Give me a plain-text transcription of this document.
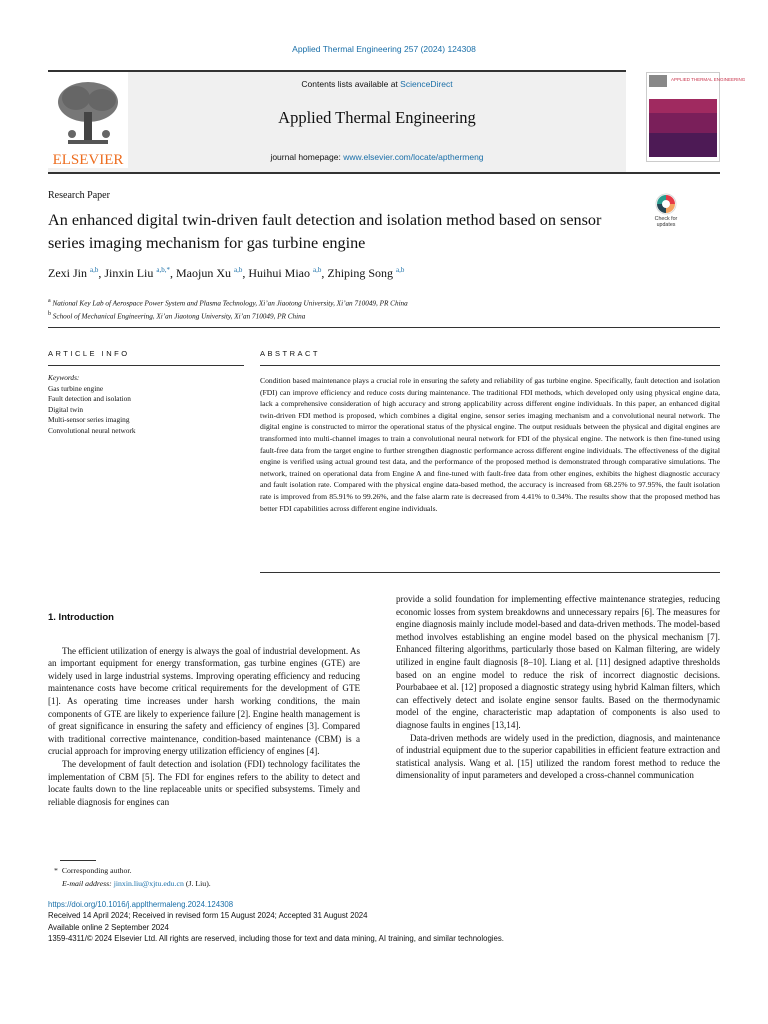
Applied Thermal Engineering 257 (2024) 124308
ELSEVIER
Contents lists available at ScienceDirect
Applied Thermal Engineering
journal homepage: www.elsevier.com/locate/apthermeng
APPLIED THERMAL ENGINEERING
Research Paper
An enhanced digital twin-driven fault detection and isolation method based on sensor series imaging mechanism for gas turbine engine
Check for updates
Zexi Jin $^{a,b}$, Jinxin Liu $^{a,b,*}$, Maojun Xu $^{a,b}$, Huihui Miao $^{a,b}$, Zhiping Song $^{a,b}$
$^a$ National Key Lab of Aerospace Power System and Plasma Technology, Xi’an Jiaotong University, Xi’an 710049, PR China
$^b$ School of Mechanical Engineering, Xi’an Jiaotong University, Xi’an 710049, PR China
ARTICLE INFO	ABSTRACT
Keywords:
Gas turbine engine
Fault detection and isolation
Digital twin
Multi-sensor series imaging
Convolutional neural network
Condition based maintenance plays a crucial role in ensuring the safety and reliability of gas turbine engine. Specifically, fault detection and isolation (FDI) can improve efficiency and reduce costs during maintenance. The traditional FDI methods, which developed only using physical engine data, lack a comprehensive consideration of high accuracy and strong applicability across different engine individuals. In this paper, an enhanced digital twin-driven FDI method is proposed, which combines a digital engine, sensor series imaging mechanism and a convolutional neural network. The digital engine is constructed to mirror the operational status of the physical engine. The output residuals between the physical and digital engines are transformed into multi-channel images to train a convolutional neural network for FDI of the physical engine. The network is then fine-tuned using fault-free data from the target engine to further strengthen diagnostic performance across different engine individuals. The effectiveness of the digital engine is verified using actual ground test data, and the performance of the proposed method is demonstrated through comparative simulations. The network, trained on operational data from Engine A and fine-tuned with fault-free data from other engines, exhibits the highest diagnostic accuracy and fault isolation rate. Compared with the physical engine data-based method, the accuracy is increased from 68.25% to 97.95%, the fault isolation rate is improved from 85.91% to 99.26%, and the false alarm rate is decreased from 4.41% to 0.34%. The results show that the proposed method has better FDI capabilities across different engine individuals.
1. Introduction

The efficient utilization of energy is always the goal of industrial development. As an important equipment for energy transformation, gas turbine engines (GTE) are widely used in large industrial systems. Improving operating efficiency and reducing maintenance costs have become critical requirements for the development of GTE [1]. As operating time increases under harsh working conditions, the main components of GTE are likely to experience failure [2]. Engine health management is of great significance in ensuring the safety and efficiency of engines [3]. Compared with traditional corrective maintenance, condition-based maintenance (CBM) is a crucial approach for improving energy utilization efficiency of engines [4].

The development of fault detection and isolation (FDI) technology facilitates the implementation of CBM [5]. The FDI for engines refers to the ability to detect and locate faults down to the line replaceable units or specified subsystems. Timely and reliable diagnosis for engines can

provide a solid foundation for implementing effective maintenance strategies, reducing economic losses from system breakdowns and unnecessary repairs [6]. The measures for engine diagnosis mainly include model-based and data-driven methods. The model-based method involves establishing an engine model based on the physical mechanism [7]. Enhanced filtering algorithms, particularly those based on Kalman filtering, are widely utilized in engine fault diagnosis [8–10]. Liang et al. [11] designed adaptive thresholds based on an engine model to reduce the risk of incorrect diagnostic decisions. Pourbabaee et al. [12] proposed a diagnostic strategy using hybrid Kalman filters, which can effectively detect and isolate engine sensor faults. Based on the thermodynamic model of the engine, characteristic map adaptation of components is also used to diagnose faults in engines [13,14].

Data-driven methods are widely used in the prediction, diagnosis, and maintenance of industrial equipment due to the superior capabilities in efficient feature extraction and statistical analysis. Wang et al. [15] utilized the random forest method to reduce the dimensionality of input parameters and developed a cross-channel communication

* Corresponding author.
E-mail address: jinxin.liu@xjtu.edu.cn (J. Liu).
https://doi.org/10.1016/j.applthermaleng.2024.124308
Received 14 April 2024; Received in revised form 15 August 2024; Accepted 31 August 2024
Available online 2 September 2024
1359-4311/© 2024 Elsevier Ltd. All rights are reserved, including those for text and data mining, AI training, and similar technologies.
